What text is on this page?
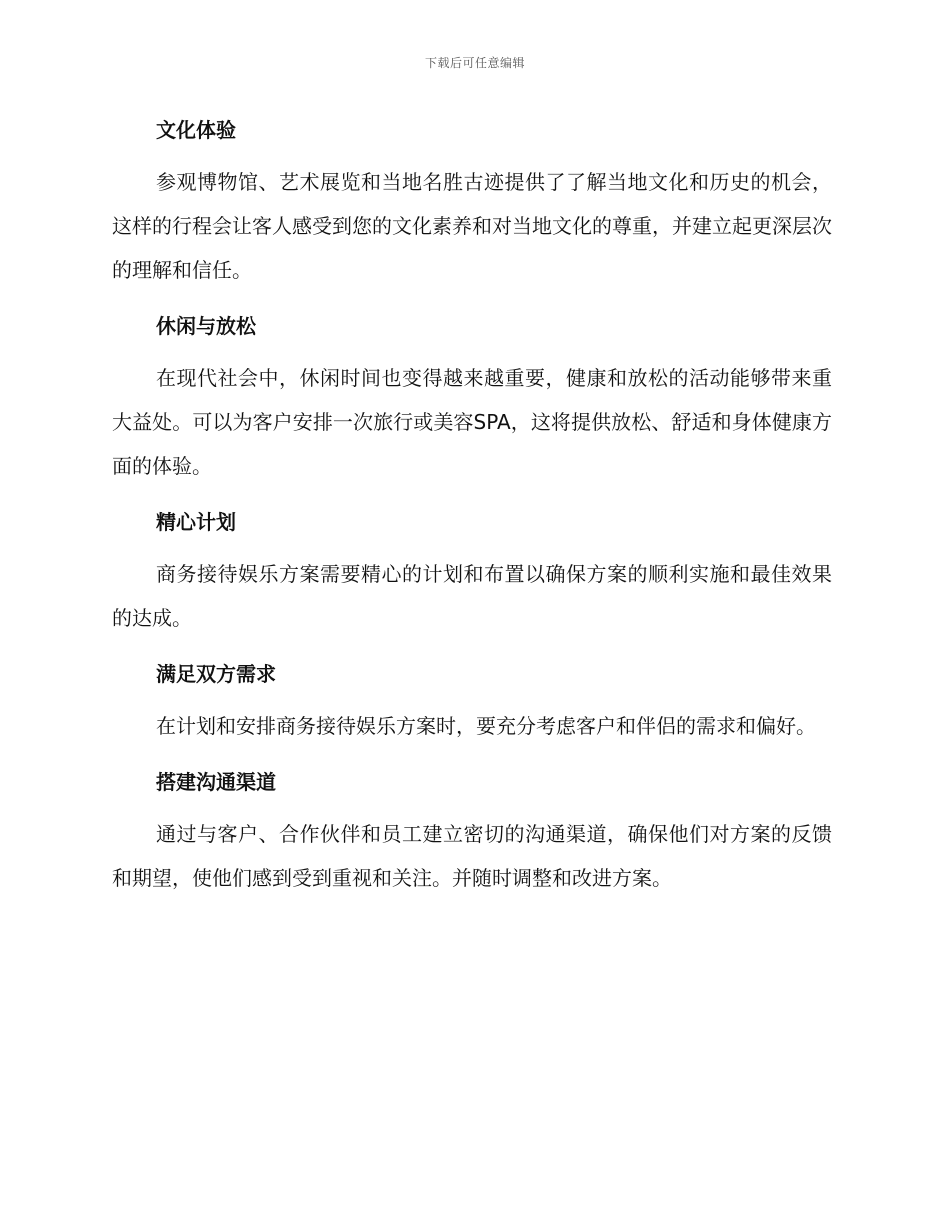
下载后可任意编辑
文化体验

参观博物馆、艺术展览和当地名胜古迹提供了了解当地文化和历史的机会，这样的行程会让客人感受到您的文化素养和对当地文化的尊重，并建立起更深层次的理解和信任。

休闲与放松

在现代社会中，休闲时间也变得越来越重要，健康和放松的活动能够带来重大益处。可以为客户安排一次旅行或美容SPA，这将提供放松、舒适和身体健康方面的体验。

精心计划

商务接待娱乐方案需要精心的计划和布置以确保方案的顺利实施和最佳效果的达成。

满足双方需求

在计划和安排商务接待娱乐方案时，要充分考虑客户和伴侣的需求和偏好。

搭建沟通渠道

通过与客户、合作伙伴和员工建立密切的沟通渠道，确保他们对方案的反馈和期望，使他们感到受到重视和关注。并随时调整和改进方案。
